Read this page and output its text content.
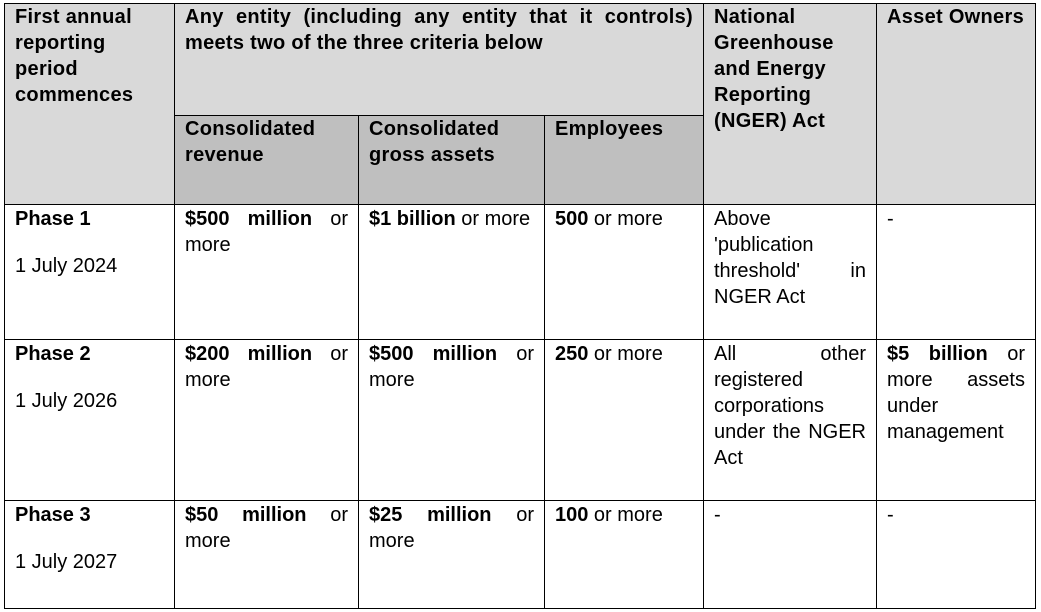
First annual reporting period commences	Any entity (including any entity that it controls) meets two of the three criteria below			National Greenhouse and Energy Reporting (NGER) Act	Asset Owners
	Consolidated revenue	Consolidated gross assets	Employees		
Phase 1
1 July 2024	$500 million or more	$1 billion or more	500 or more	Above 'publication threshold' in NGER Act	-
Phase 2
1 July 2026	$200 million or more	$500 million or more	250 or more	All other registered corporations under the NGER Act	$5 billion or more assets under management

Phase 3
1 July 2027	$50 million or more	$25 million or more	100 or more	-	-
